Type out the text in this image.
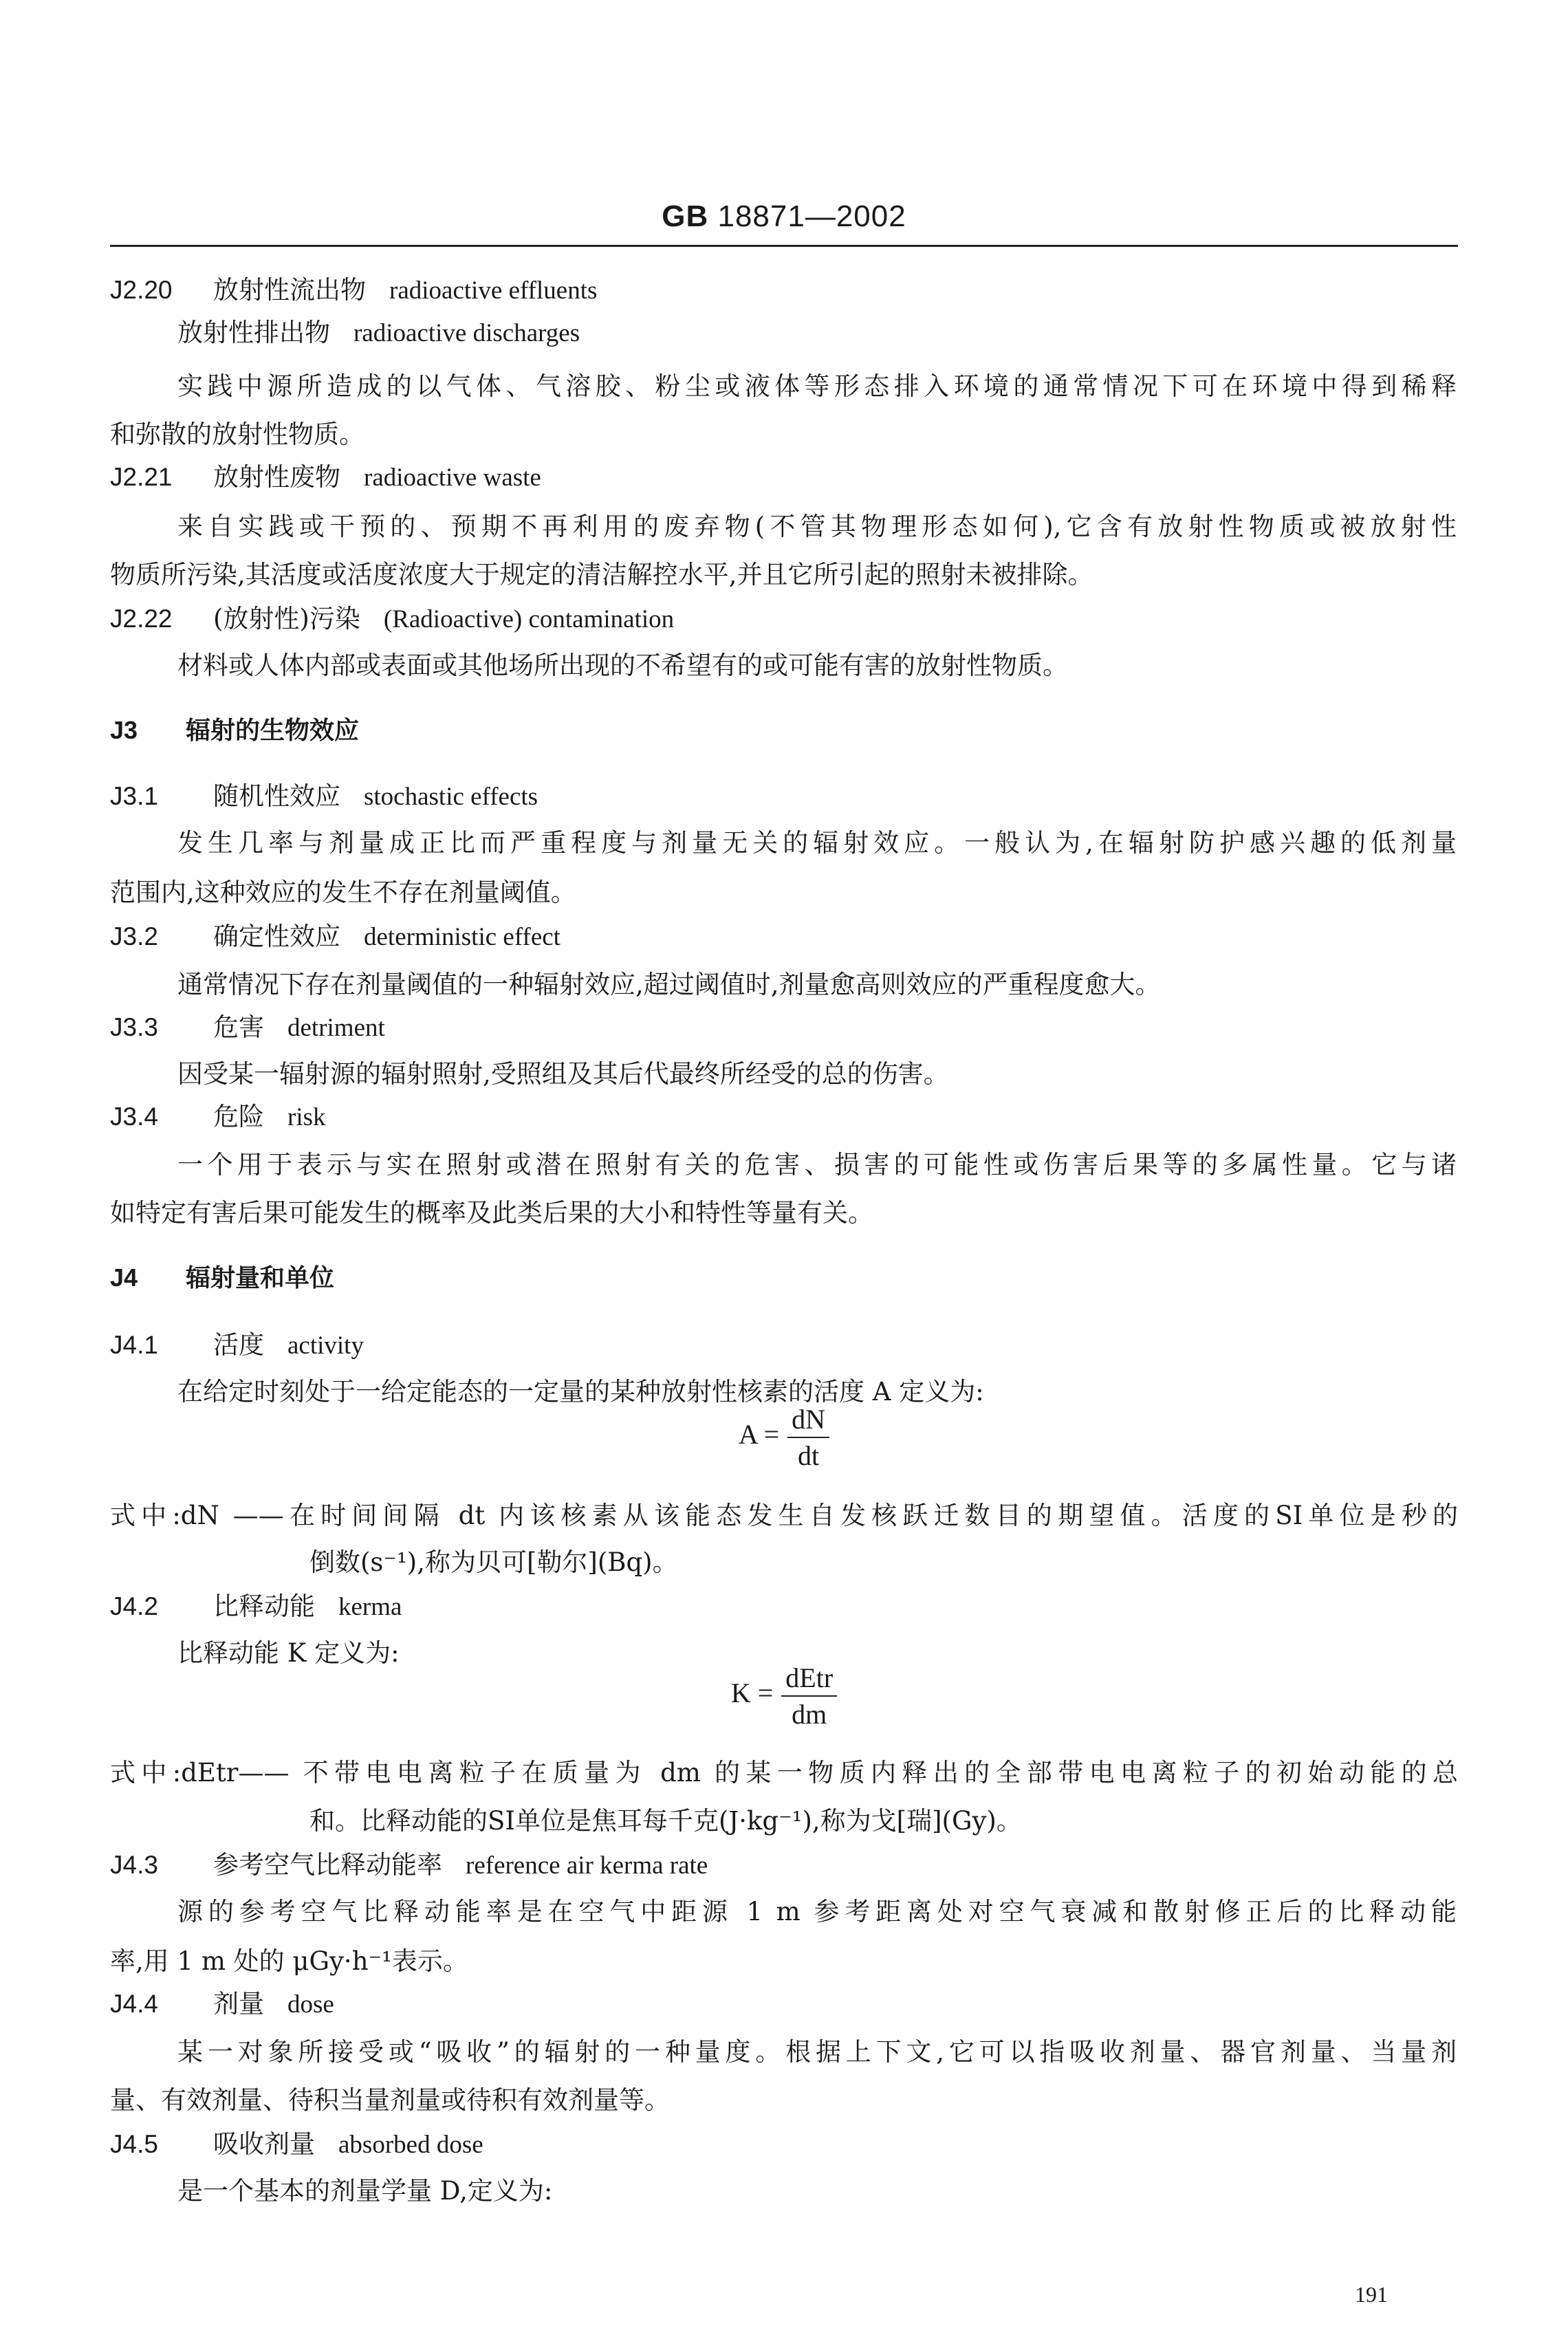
GB 18871—2002
J2.20 放射性流出物 radioactive effluents
放射性排出物 radioactive discharges
实践中源所造成的以气体、气溶胶、粉尘或液体等形态排入环境的通常情况下可在环境中得到稀释
和弥散的放射性物质。
J2.21 放射性废物 radioactive waste
来自实践或干预的、预期不再利用的废弃物(不管其物理形态如何),它含有放射性物质或被放射性
物质所污染,其活度或活度浓度大于规定的清洁解控水平,并且它所引起的照射未被排除。
J2.22 (放射性)污染 (Radioactive) contamination
材料或人体内部或表面或其他场所出现的不希望有的或可能有害的放射性物质。
J3 辐射的生物效应
J3.1 随机性效应 stochastic effects
发生几率与剂量成正比而严重程度与剂量无关的辐射效应。一般认为,在辐射防护感兴趣的低剂量
范围内,这种效应的发生不存在剂量阈值。
J3.2 确定性效应 deterministic effect
通常情况下存在剂量阈值的一种辐射效应,超过阈值时,剂量愈高则效应的严重程度愈大。
J3.3 危害 detriment
因受某一辐射源的辐射照射,受照组及其后代最终所经受的总的伤害。
J3.4 危险 risk
一个用于表示与实在照射或潜在照射有关的危害、损害的可能性或伤害后果等的多属性量。它与诸
如特定有害后果可能发生的概率及此类后果的大小和特性等量有关。
J4 辐射量和单位
J4.1 活度 activity
在给定时刻处于一给定能态的一定量的某种放射性核素的活度 A 定义为:
$A = \frac{dN}{dt}$
式中:dN ——在时间间隔 dt 内该核素从该能态发生自发核跃迁数目的期望值。活度的SI单位是秒的
倒数(s⁻¹),称为贝可[勒尔](Bq)。
J4.2 比释动能 kerma
比释动能 K 定义为:
$K = \frac{\text{dEtr}}{dm}$
式中:dEtr—— 不带电电离粒子在质量为 dm 的某一物质内释出的全部带电电离粒子的初始动能的总
和。比释动能的SI单位是焦耳每千克(J·kg⁻¹),称为戈[瑞](Gy)。
J4.3 参考空气比释动能率 reference air kerma rate
源的参考空气比释动能率是在空气中距源 1 m 参考距离处对空气衰减和散射修正后的比释动能
率,用 1 m 处的 μGy·h⁻¹表示。
J4.4 剂量 dose
某一对象所接受或“吸收”的辐射的一种量度。根据上下文,它可以指吸收剂量、器官剂量、当量剂
量、有效剂量、待积当量剂量或待积有效剂量等。
J4.5 吸收剂量 absorbed dose
是一个基本的剂量学量 D,定义为:
191
